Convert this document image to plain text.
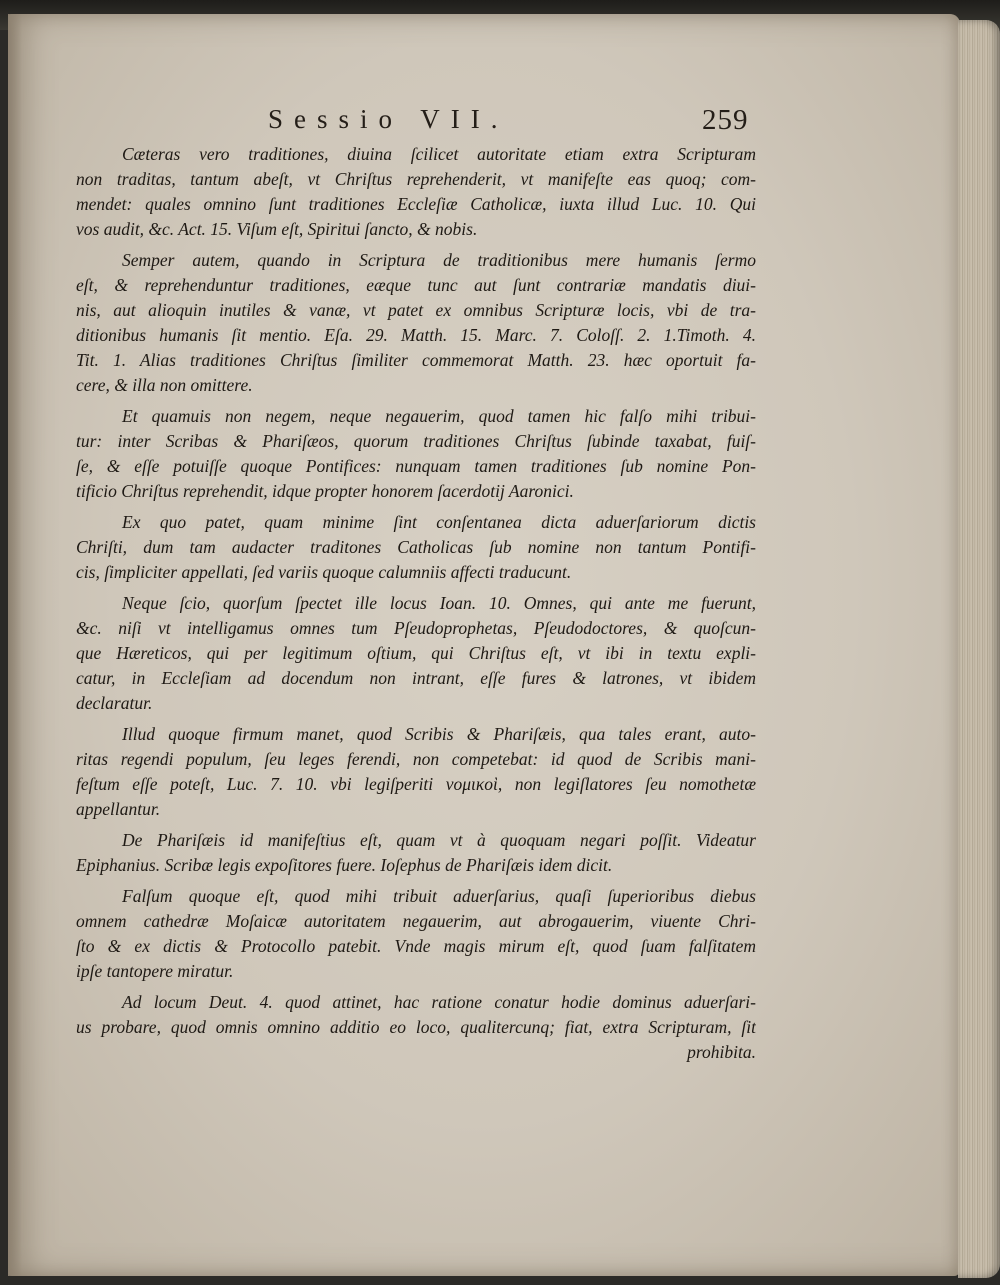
Sessio VII.	259
Cæteras vero traditiones, diuina ſcilicet autoritate etiam extra Scripturam
non traditas, tantum abeſt, vt Chriſtus reprehenderit, vt manifeſte eas quoq; com-
mendet: quales omnino ſunt traditiones Eccleſiæ Catholicæ, iuxta illud Luc. 10. Qui
vos audit, &c. Act. 15. Viſum eſt, Spiritui ſancto, & nobis.
Semper autem, quando in Scriptura de traditionibus mere humanis ſermo
eſt, & reprehenduntur traditiones, eæque tunc aut ſunt contrariæ mandatis diui-
nis, aut alioquin inutiles & vanæ, vt patet ex omnibus Scripturæ locis, vbi de tra-
ditionibus humanis ſit mentio. Eſa. 29. Matth. 15. Marc. 7. Coloſſ. 2. 1.Timoth. 4.
Tit. 1. Alias traditiones Chriſtus ſimiliter commemorat Matth. 23. hæc oportuit fa-
cere, & illa non omittere.
Et quamuis non negem, neque negauerim, quod tamen hic falſo mihi tribui-
tur: inter Scribas & Phariſæos, quorum traditiones Chriſtus ſubinde taxabat, fuiſ-
ſe, & eſſe potuiſſe quoque Pontifices: nunquam tamen traditiones ſub nomine Pon-
tificio Chriſtus reprehendit, idque propter honorem ſacerdotij Aaronici.
Ex quo patet, quam minime ſint conſentanea dicta aduerſariorum dictis
Chriſti, dum tam audacter traditones Catholicas ſub nomine non tantum Pontifi-
cis, ſimpliciter appellati, ſed variis quoque calumniis affecti traducunt.
Neque ſcio, quorſum ſpectet ille locus Ioan. 10. Omnes, qui ante me fuerunt,
&c. niſi vt intelligamus omnes tum Pſeudoprophetas, Pſeudodoctores, & quoſcun-
que Hæreticos, qui per legitimum oſtium, qui Chriſtus eſt, vt ibi in textu expli-
catur, in Eccleſiam ad docendum non intrant, eſſe fures & latrones, vt ibidem
declaratur.
Illud quoque firmum manet, quod Scribis & Phariſæis, qua tales erant, auto-
ritas regendi populum, ſeu leges ferendi, non competebat: id quod de Scribis mani-
feſtum eſſe poteſt, Luc. 7. 10. vbi legiſperiti νομικοὶ, non legiſlatores ſeu nomothetæ
appellantur.
De Phariſæis id manifeſtius eſt, quam vt à quoquam negari poſſit. Videatur
Epiphanius. Scribæ legis expoſitores fuere. Ioſephus de Phariſæis idem dicit.
Falſum quoque eſt, quod mihi tribuit aduerſarius, quaſi ſuperioribus diebus
omnem cathedræ Moſaicæ autoritatem negauerim, aut abrogauerim, viuente Chri-
ſto & ex dictis & Protocollo patebit. Vnde magis mirum eſt, quod ſuam falſitatem
ipſe tantopere miratur.
Ad locum Deut. 4. quod attinet, hac ratione conatur hodie dominus aduerſari-
us probare, quod omnis omnino additio eo loco, qualitercunq; fiat, extra Scripturam, ſit
prohibita.
